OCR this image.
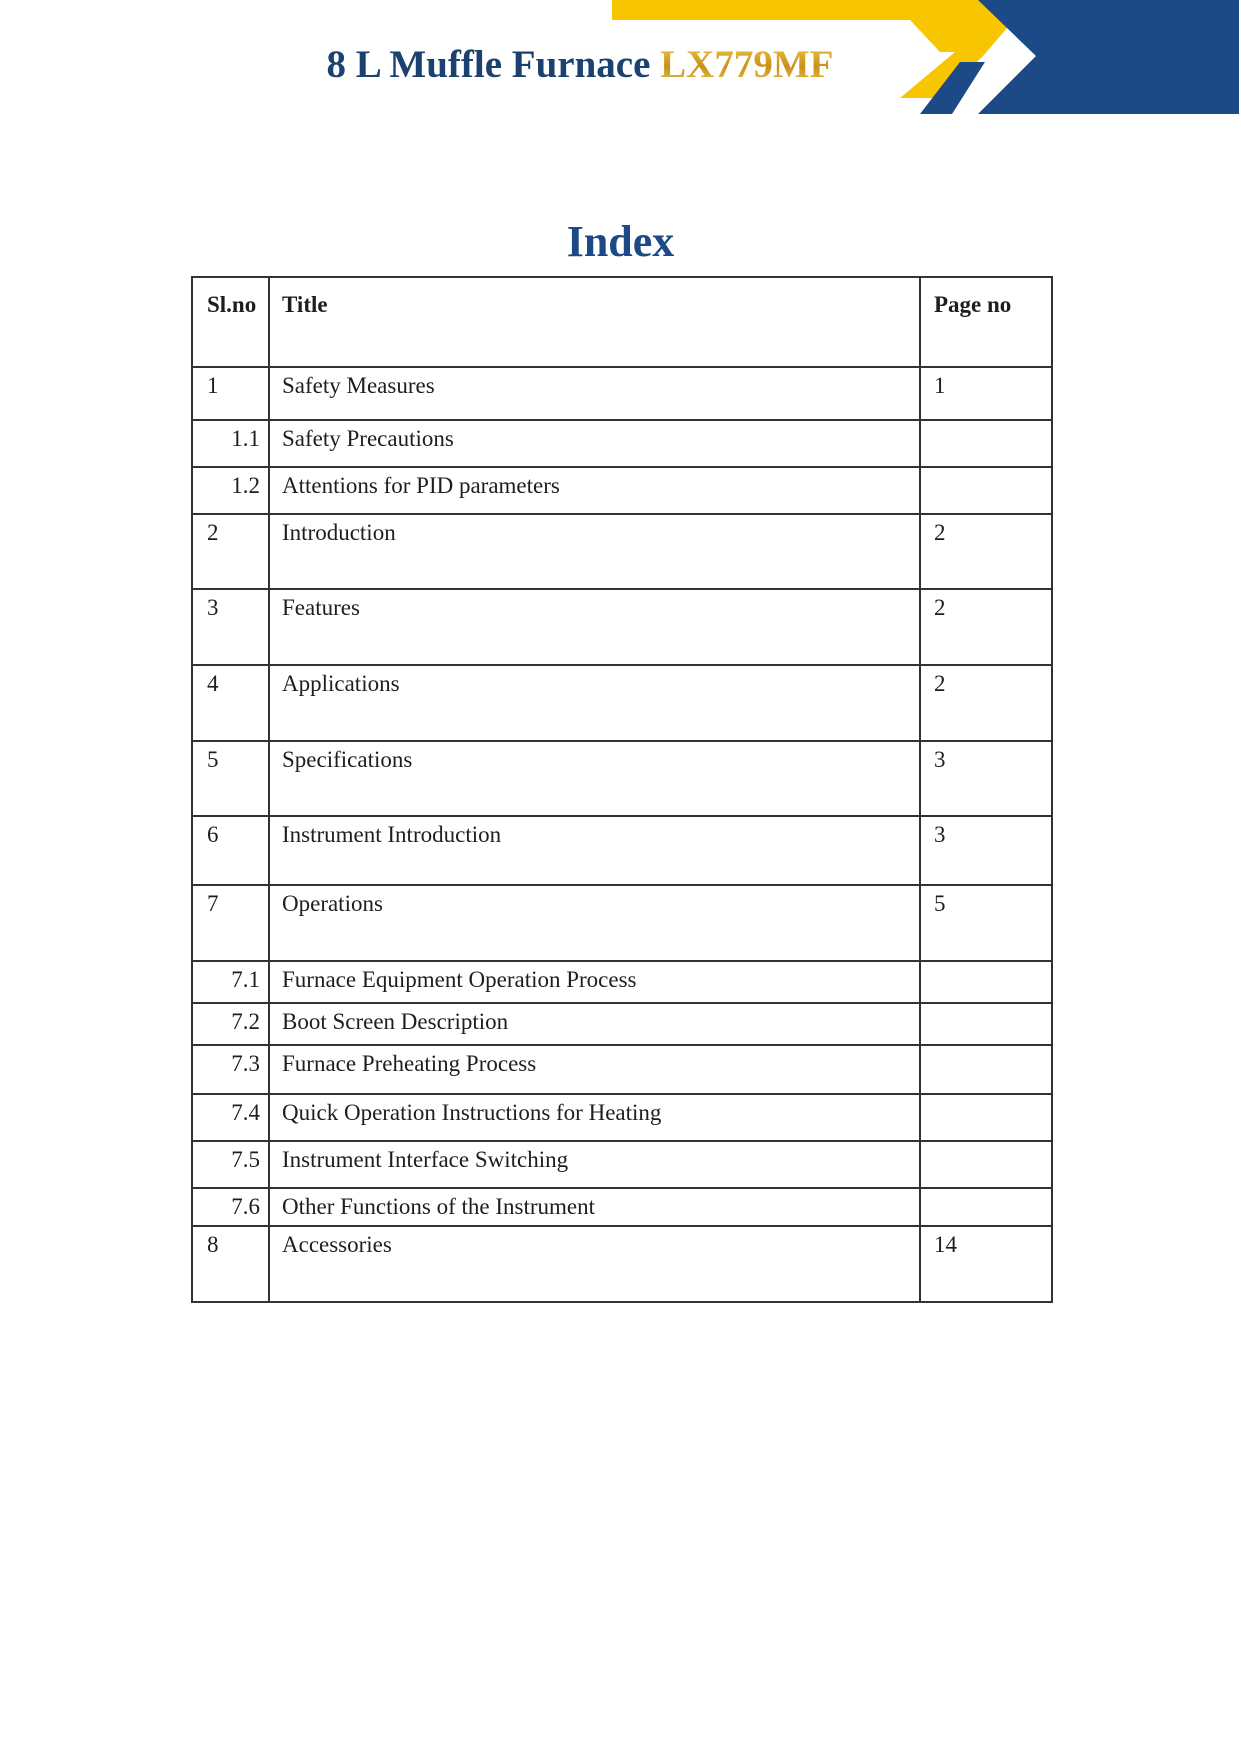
8 L Muffle Furnace LX779MF
Index
Sl.no	Title	Page no
1	Safety Measures	1
1.1	Safety Precautions	
1.2	Attentions for PID parameters	
2	Introduction	2
3	Features	2
4	Applications	2
5	Specifications	3
6	Instrument Introduction	3
7	Operations	5
7.1	Furnace Equipment Operation Process	
7.2	Boot Screen Description	
7.3	Furnace Preheating Process	
7.4	Quick Operation Instructions for Heating	
7.5	Instrument Interface Switching	
7.6	Other Functions of the Instrument	
8	Accessories	14
